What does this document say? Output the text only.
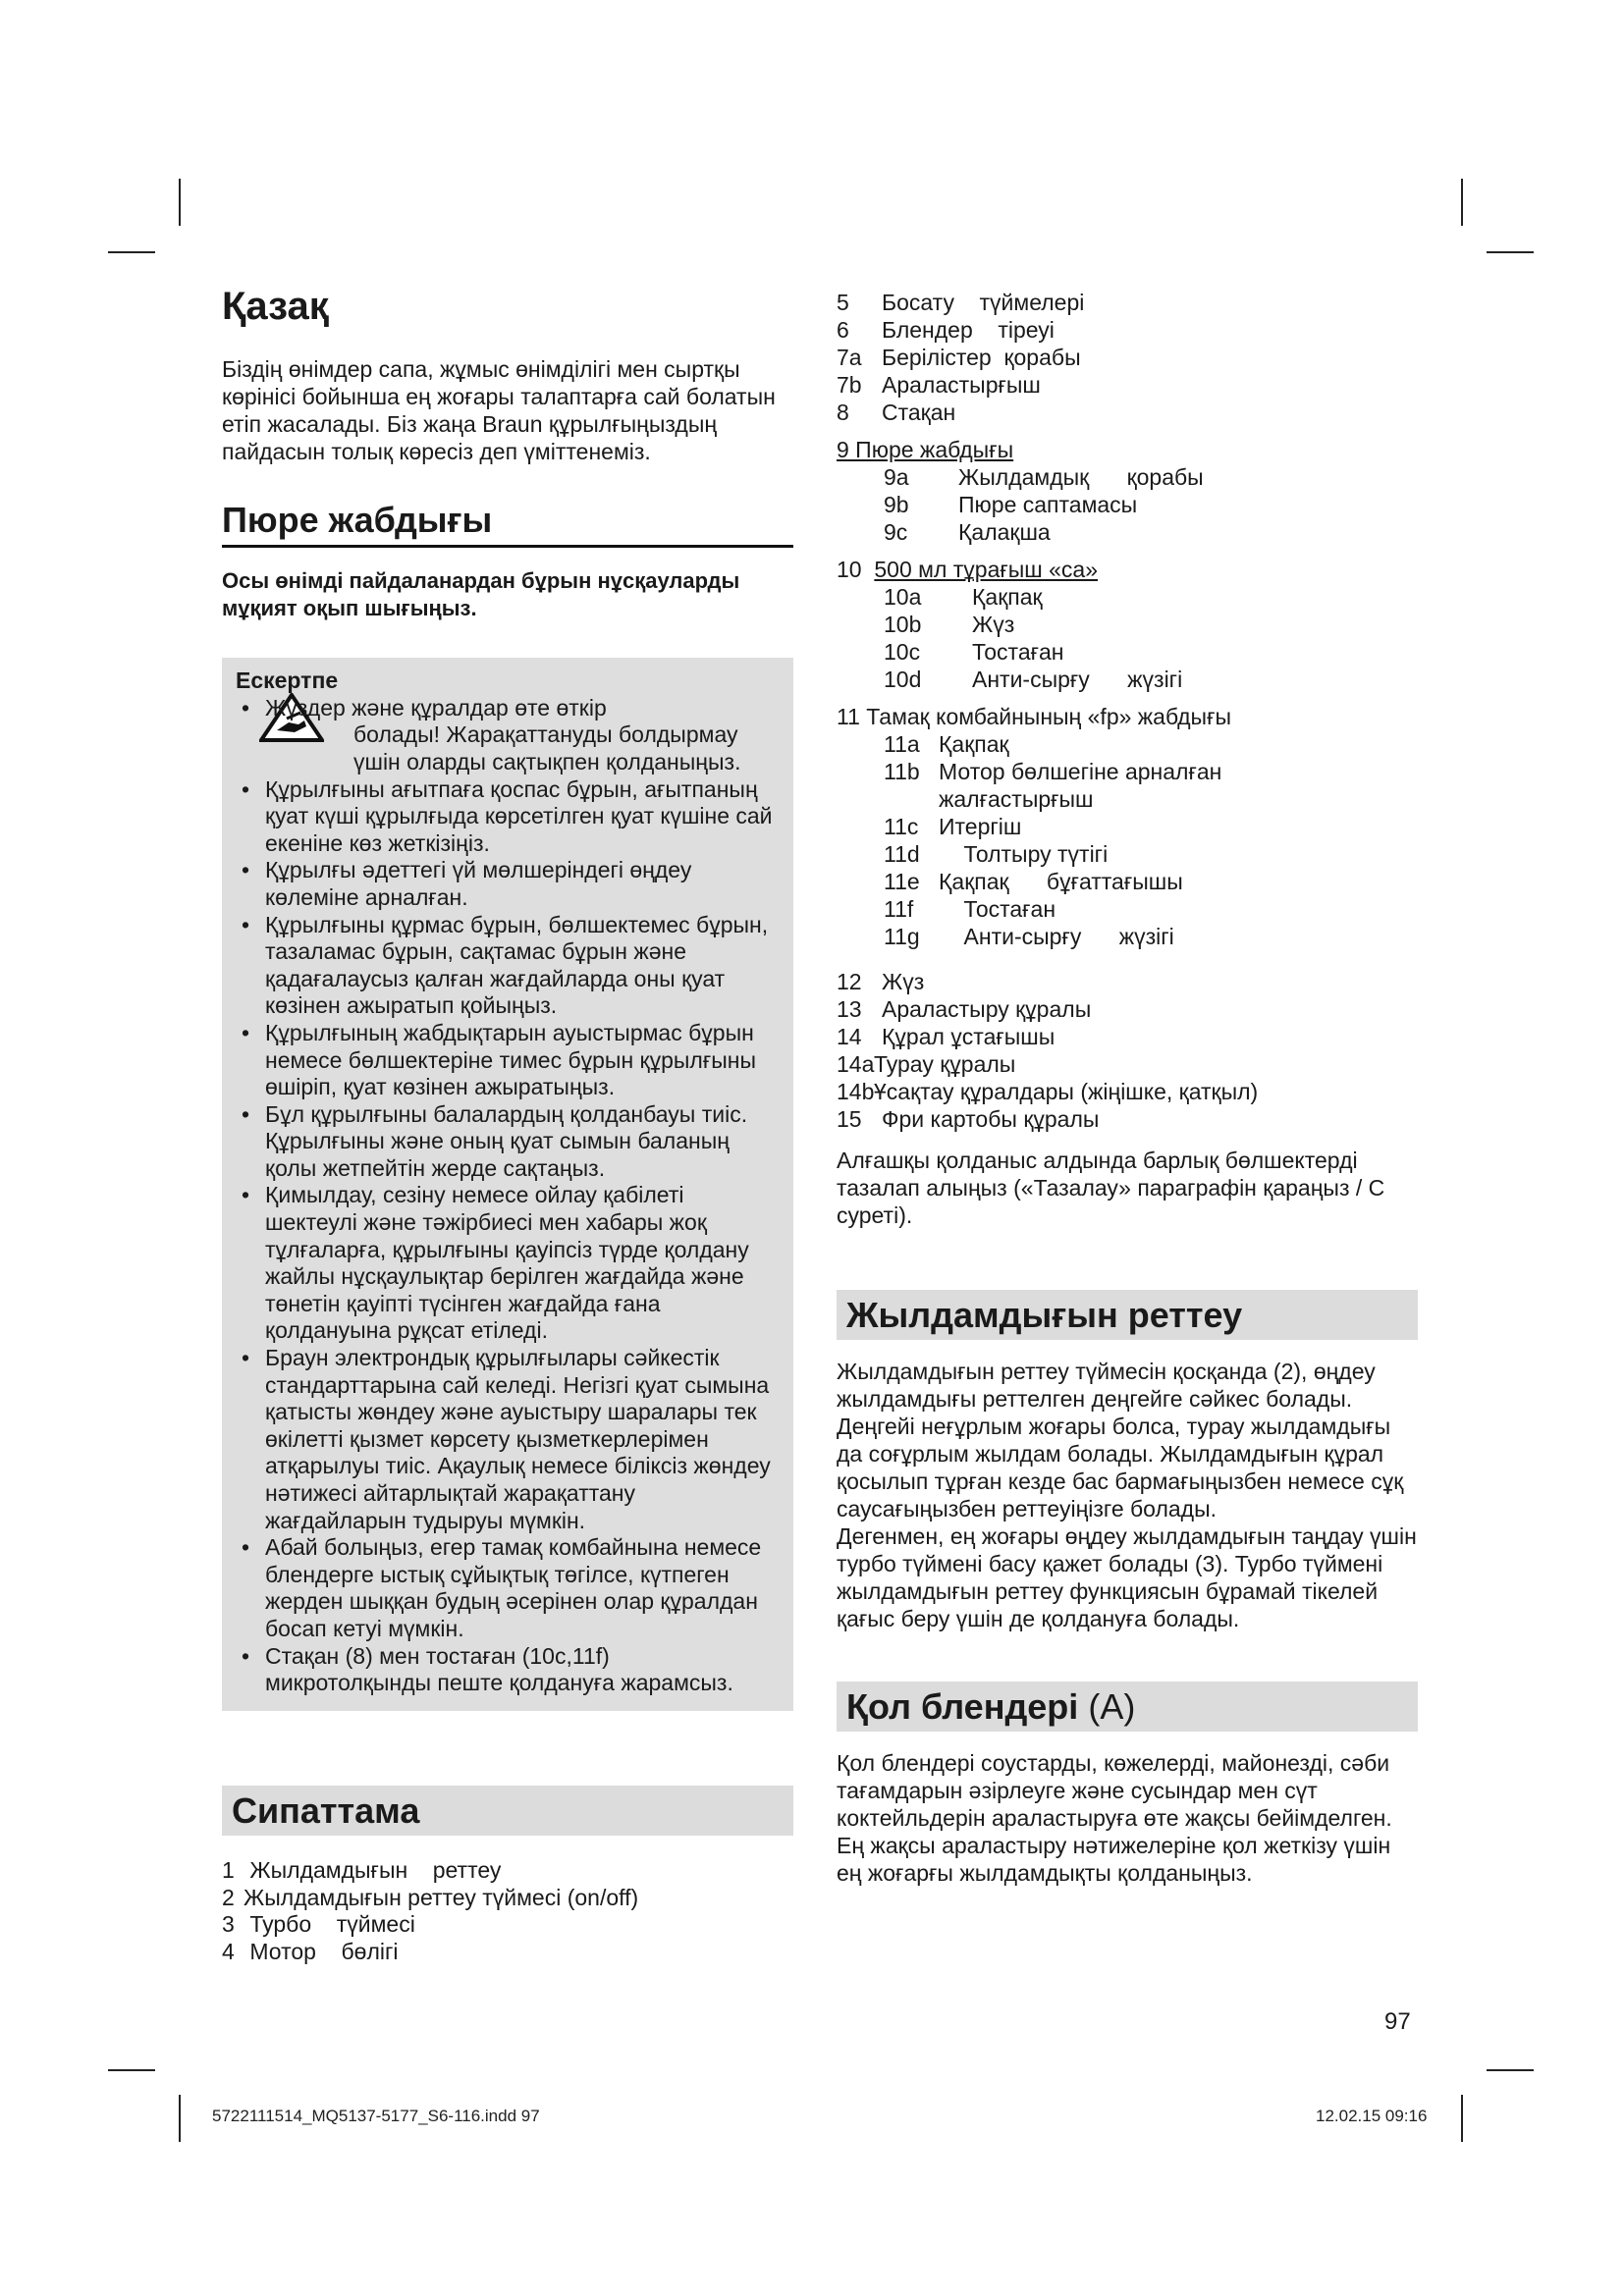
Қазақ

Біздің өнімдер сапа, жұмыс өнімділігі мен сыртқы көрінісі бойынша ең жоғары талаптарға сай болатын етіп жасалады. Біз жаңа Braun құрылғыңыздың пайдасын толық көресіз деп үміттенеміз.

Пюре жабдығы

Осы өнімді пайдаланардан бұрын нұсқауларды мұқият оқып шығыңыз.

Ескертпе
• Жүздер және құралдар өте өткір
болады! Жарақаттануды болдырмау
үшін оларды сақтықпен қолданыңыз.
• Құрылғыны ағытпаға қоспас бұрын, ағытпаның қуат күші құрылғыда көрсетілген қуат күшіне сай екеніне көз жеткізіңіз.
• Құрылғы әдеттегі үй мөлшеріндегі өңдеу көлеміне арналған.
• Құрылғыны құрмас бұрын, бөлшектемес бұрын, тазаламас бұрын, сақтамас бұрын және қадағалаусыз қалған жағдайларда оны қуат көзінен ажыратып қойыңыз.
• Құрылғының жабдықтарын ауыстырмас бұрын немесе бөлшектеріне тимес бұрын құрылғыны өшіріп, қуат көзінен ажыратыңыз.
• Бұл құрылғыны балалардың қолданбауы тиіс. Құрылғыны және оның қуат сымын баланың қолы жетпейтін жерде сақтаңыз.
• Қимылдау, сезіну немесе ойлау қабілеті шектеулі және тәжірбиесі мен хабары жоқ тұлғаларға, құрылғыны қауіпсіз түрде қолдану жайлы нұсқаулықтар берілген жағдайда және төнетін қауіпті түсінген жағдайда ғана қолдануына рұқсат етіледі.
• Браун электрондық құрылғылары сәйкестік стандарттарына сай келеді. Негізгі қуат сымына қатысты жөндеу және ауыстыру шаралары тек өкілетті қызмет көрсету қызметкерлерімен атқарылуы тиіс. Ақаулық немесе біліксіз жөндеу нәтижесі айтарлықтай жарақаттану жағдайларын тудыруы мүмкін.
• Абай болыңыз, егер тамақ комбайнына немесе блендерге ыстық сұйықтық төгілсе, күтпеген жерден шыққан будың әсерінен олар құралдан босап кетуі мүмкін.
• Стақан (8) мен тостаған (10c,11f) микротолқынды пеште қолдануға жарамсыз.
Сипаттама
1 Жылдамдығын    реттеу
2 Жылдамдығын реттеу түймесі (on/off)
3 Турбо    түймесі
4 Мотор    бөлігі
5 Босату    түймелері
6 Блендер    тіреуі
7a Берілістер  қорабы
7b Араластырғыш
8 Стақан
9 Пюре жабдығы
9a Жылдамдық      қорабы
9b Пюре саптамасы
9c Қалақша
10 500 мл тұрағыш «ca»
10a Қақпақ
10b Жүз
10c Тостаған
10d Анти-сырғу      жүзігі
11 Тамақ комбайнының «fp» жабдығы
11a Қақпақ
11b Мотор бөлшегіне арналған
жалғастырғыш
11c Итергіш
11d    Толтыру түтігі
11e Қақпақ      бұғаттағышы
11f    Тостаған
11g    Анти-сырғу      жүзігі
12 Жүз
13 Араластыру құралы
14 Құрал ұстағышы
14aТурау құралы
14bҰсақтау құралдары (жіңішке, қатқыл)
15 Фри картобы құралы

Алғашқы қолданыс алдында барлық бөлшектерді тазалап алыңыз («Тазалау» параграфін қараңыз / C суреті).

Жылдамдығын реттеу

Жылдамдығын реттеу түймесін қосқанда (2), өңдеу жылдамдығы реттелген деңгейге сәйкес болады. Деңгейі неғұрлым жоғары болса, турау жылдамдығы да соғұрлым жылдам болады. Жылдамдығын құрал қосылып тұрған кезде бас бармағыңызбен немесе сұқ саусағыңызбен реттеуіңізге болады.

Дегенмен, ең жоғары өңдеу жылдамдығын таңдау үшін турбо түймені басу қажет болады (3). Турбо түймені жылдамдығын реттеу функциясын бұрамай тікелей қағыс беру үшін де қолдануға болады.

Қол блендері (A)

Қол блендері соустарды, көжелерді, майонезді, сәби тағамдарын әзірлеуге және сусындар мен сүт коктейльдерін араластыруға өте жақсы бейімделген.

Ең жақсы араластыру нәтижелеріне қол жеткізу үшін ең жоғарғы жылдамдықты қолданыңыз.

97
5722111514_MQ5137-5177_S6-116.indd 97	12.02.15 09:16
